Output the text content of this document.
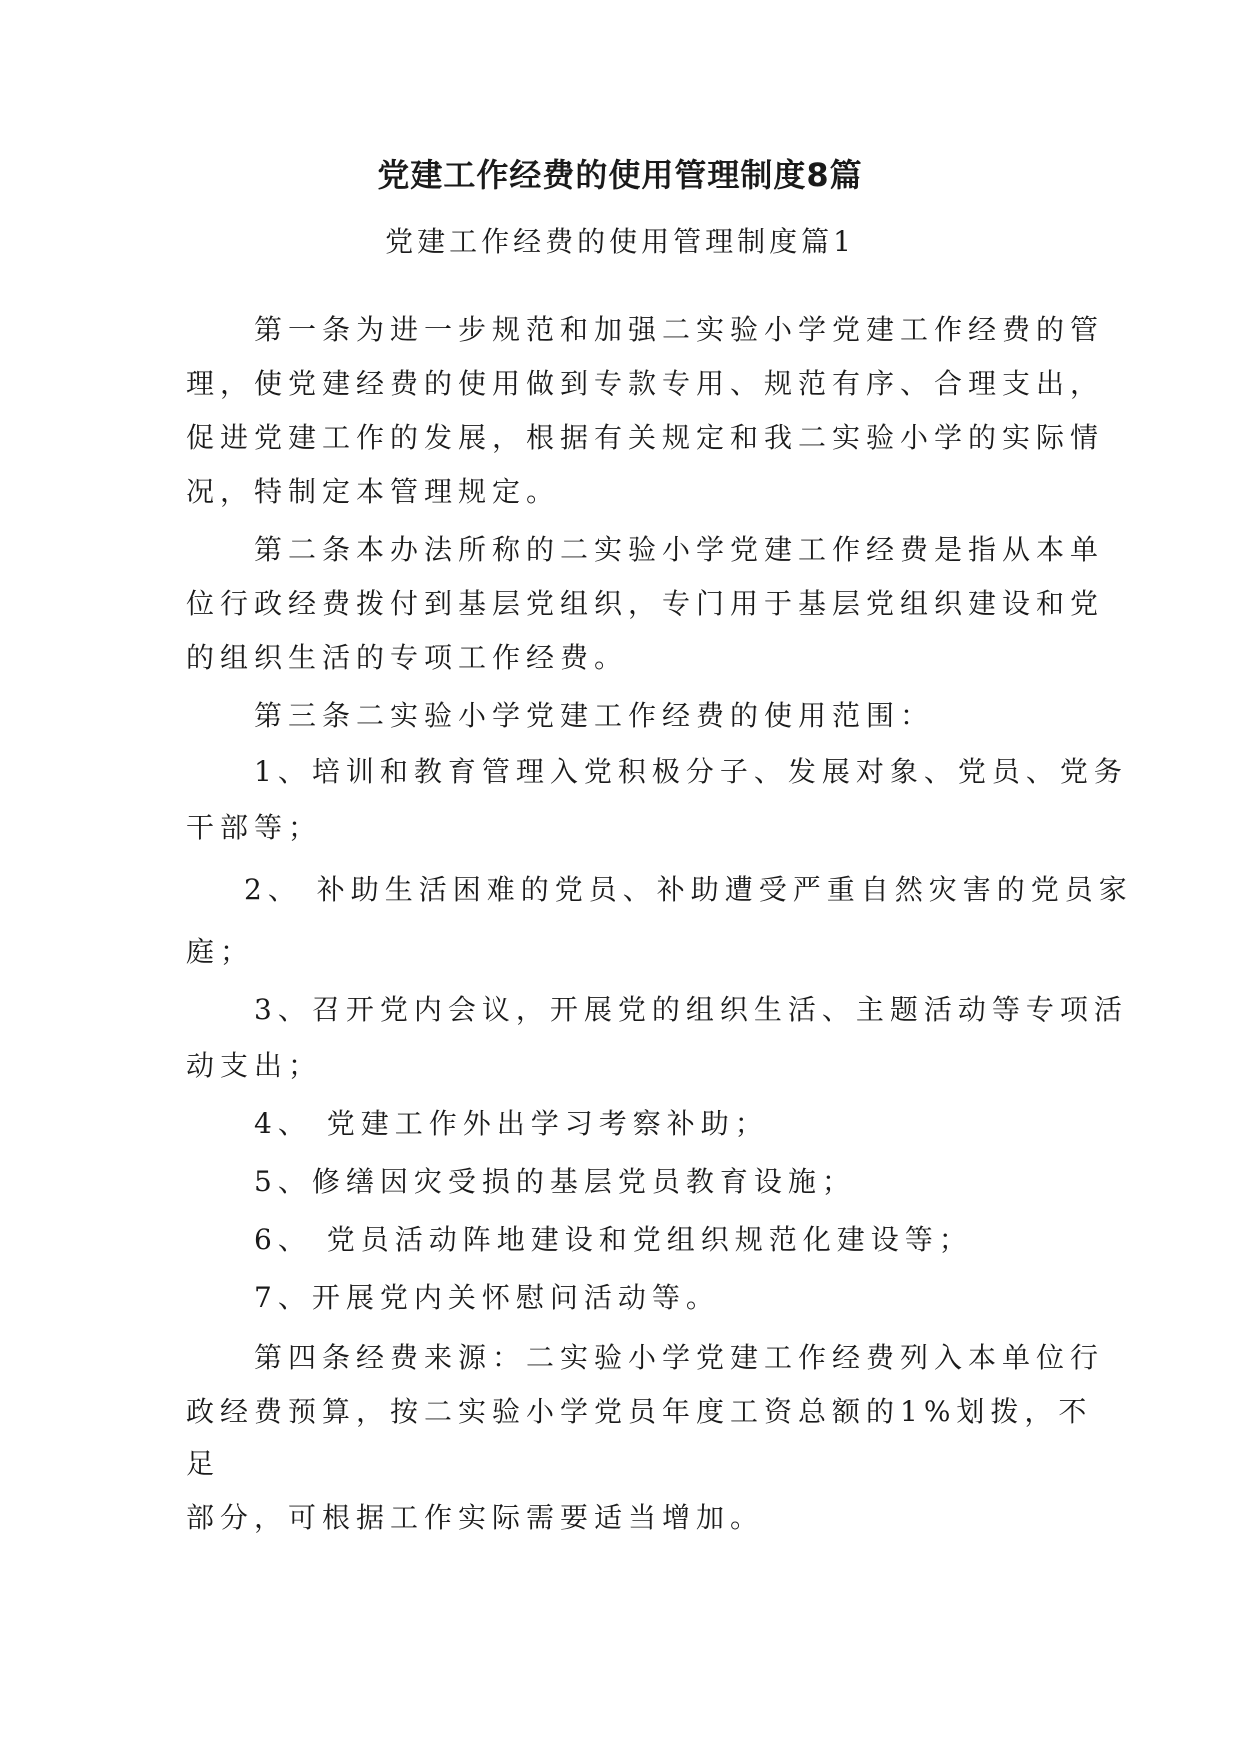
党建工作经费的使用管理制度8篇
党建工作经费的使用管理制度篇1
第一条为进一步规范和加强二实验小学党建工作经费的管
理，使党建经费的使用做到专款专用、规范有序、合理支出，
促进党建工作的发展，根据有关规定和我二实验小学的实际情
况，特制定本管理规定。
第二条本办法所称的二实验小学党建工作经费是指从本单
位行政经费拨付到基层党组织，专门用于基层党组织建设和党
的组织生活的专项工作经费。
第三条二实验小学党建工作经费的使用范围：
1、培训和教育管理入党积极分子、发展对象、党员、党务
干部等；
2、 补助生活困难的党员、补助遭受严重自然灾害的党员家
庭；
3、召开党内会议，开展党的组织生活、主题活动等专项活
动支出；
4、 党建工作外出学习考察补助；
5、修缮因灾受损的基层党员教育设施；
6、 党员活动阵地建设和党组织规范化建设等；
7、开展党内关怀慰问活动等。
第四条经费来源：二实验小学党建工作经费列入本单位行
政经费预算，按二实验小学党员年度工资总额的1%划拨，不
足
部分，可根据工作实际需要适当增加。
